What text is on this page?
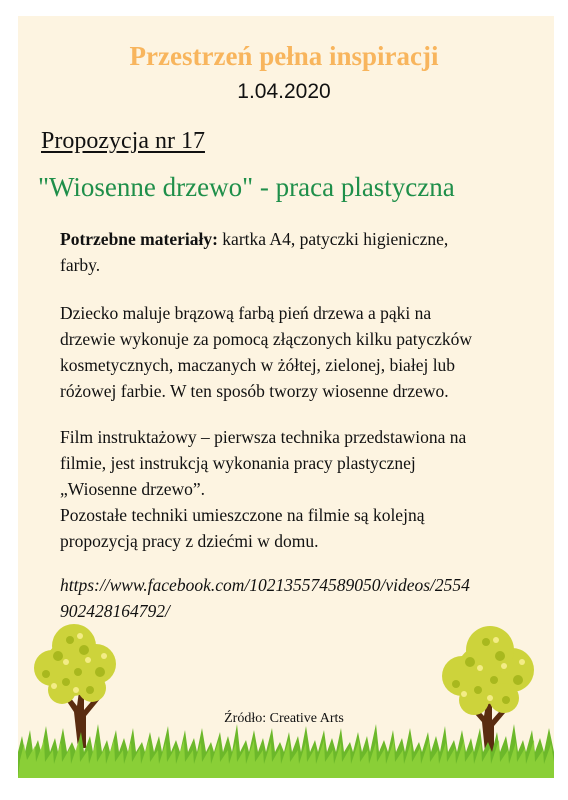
Przestrzeń pełna inspiracji
1.04.2020
Propozycja nr 17
"Wiosenne drzewo" - praca plastyczna
Potrzebne materiały: kartka A4, patyczki higieniczne,
farby.
Dziecko maluje brązową farbą pień drzewa a pąki na
drzewie wykonuje za pomocą złączonych kilku patyczków
kosmetycznych, maczanych w żółtej, zielonej, białej lub
różowej farbie. W ten sposób tworzy wiosenne drzewo.
Film instruktażowy – pierwsza technika przedstawiona na
filmie, jest instrukcją wykonania pracy plastycznej
„Wiosenne drzewo”.
Pozostałe techniki umieszczone na filmie są kolejną
propozycją pracy z dziećmi w domu.
https://www.facebook.com/102135574589050/videos/2554
902428164792/
Źródło: Creative Arts
